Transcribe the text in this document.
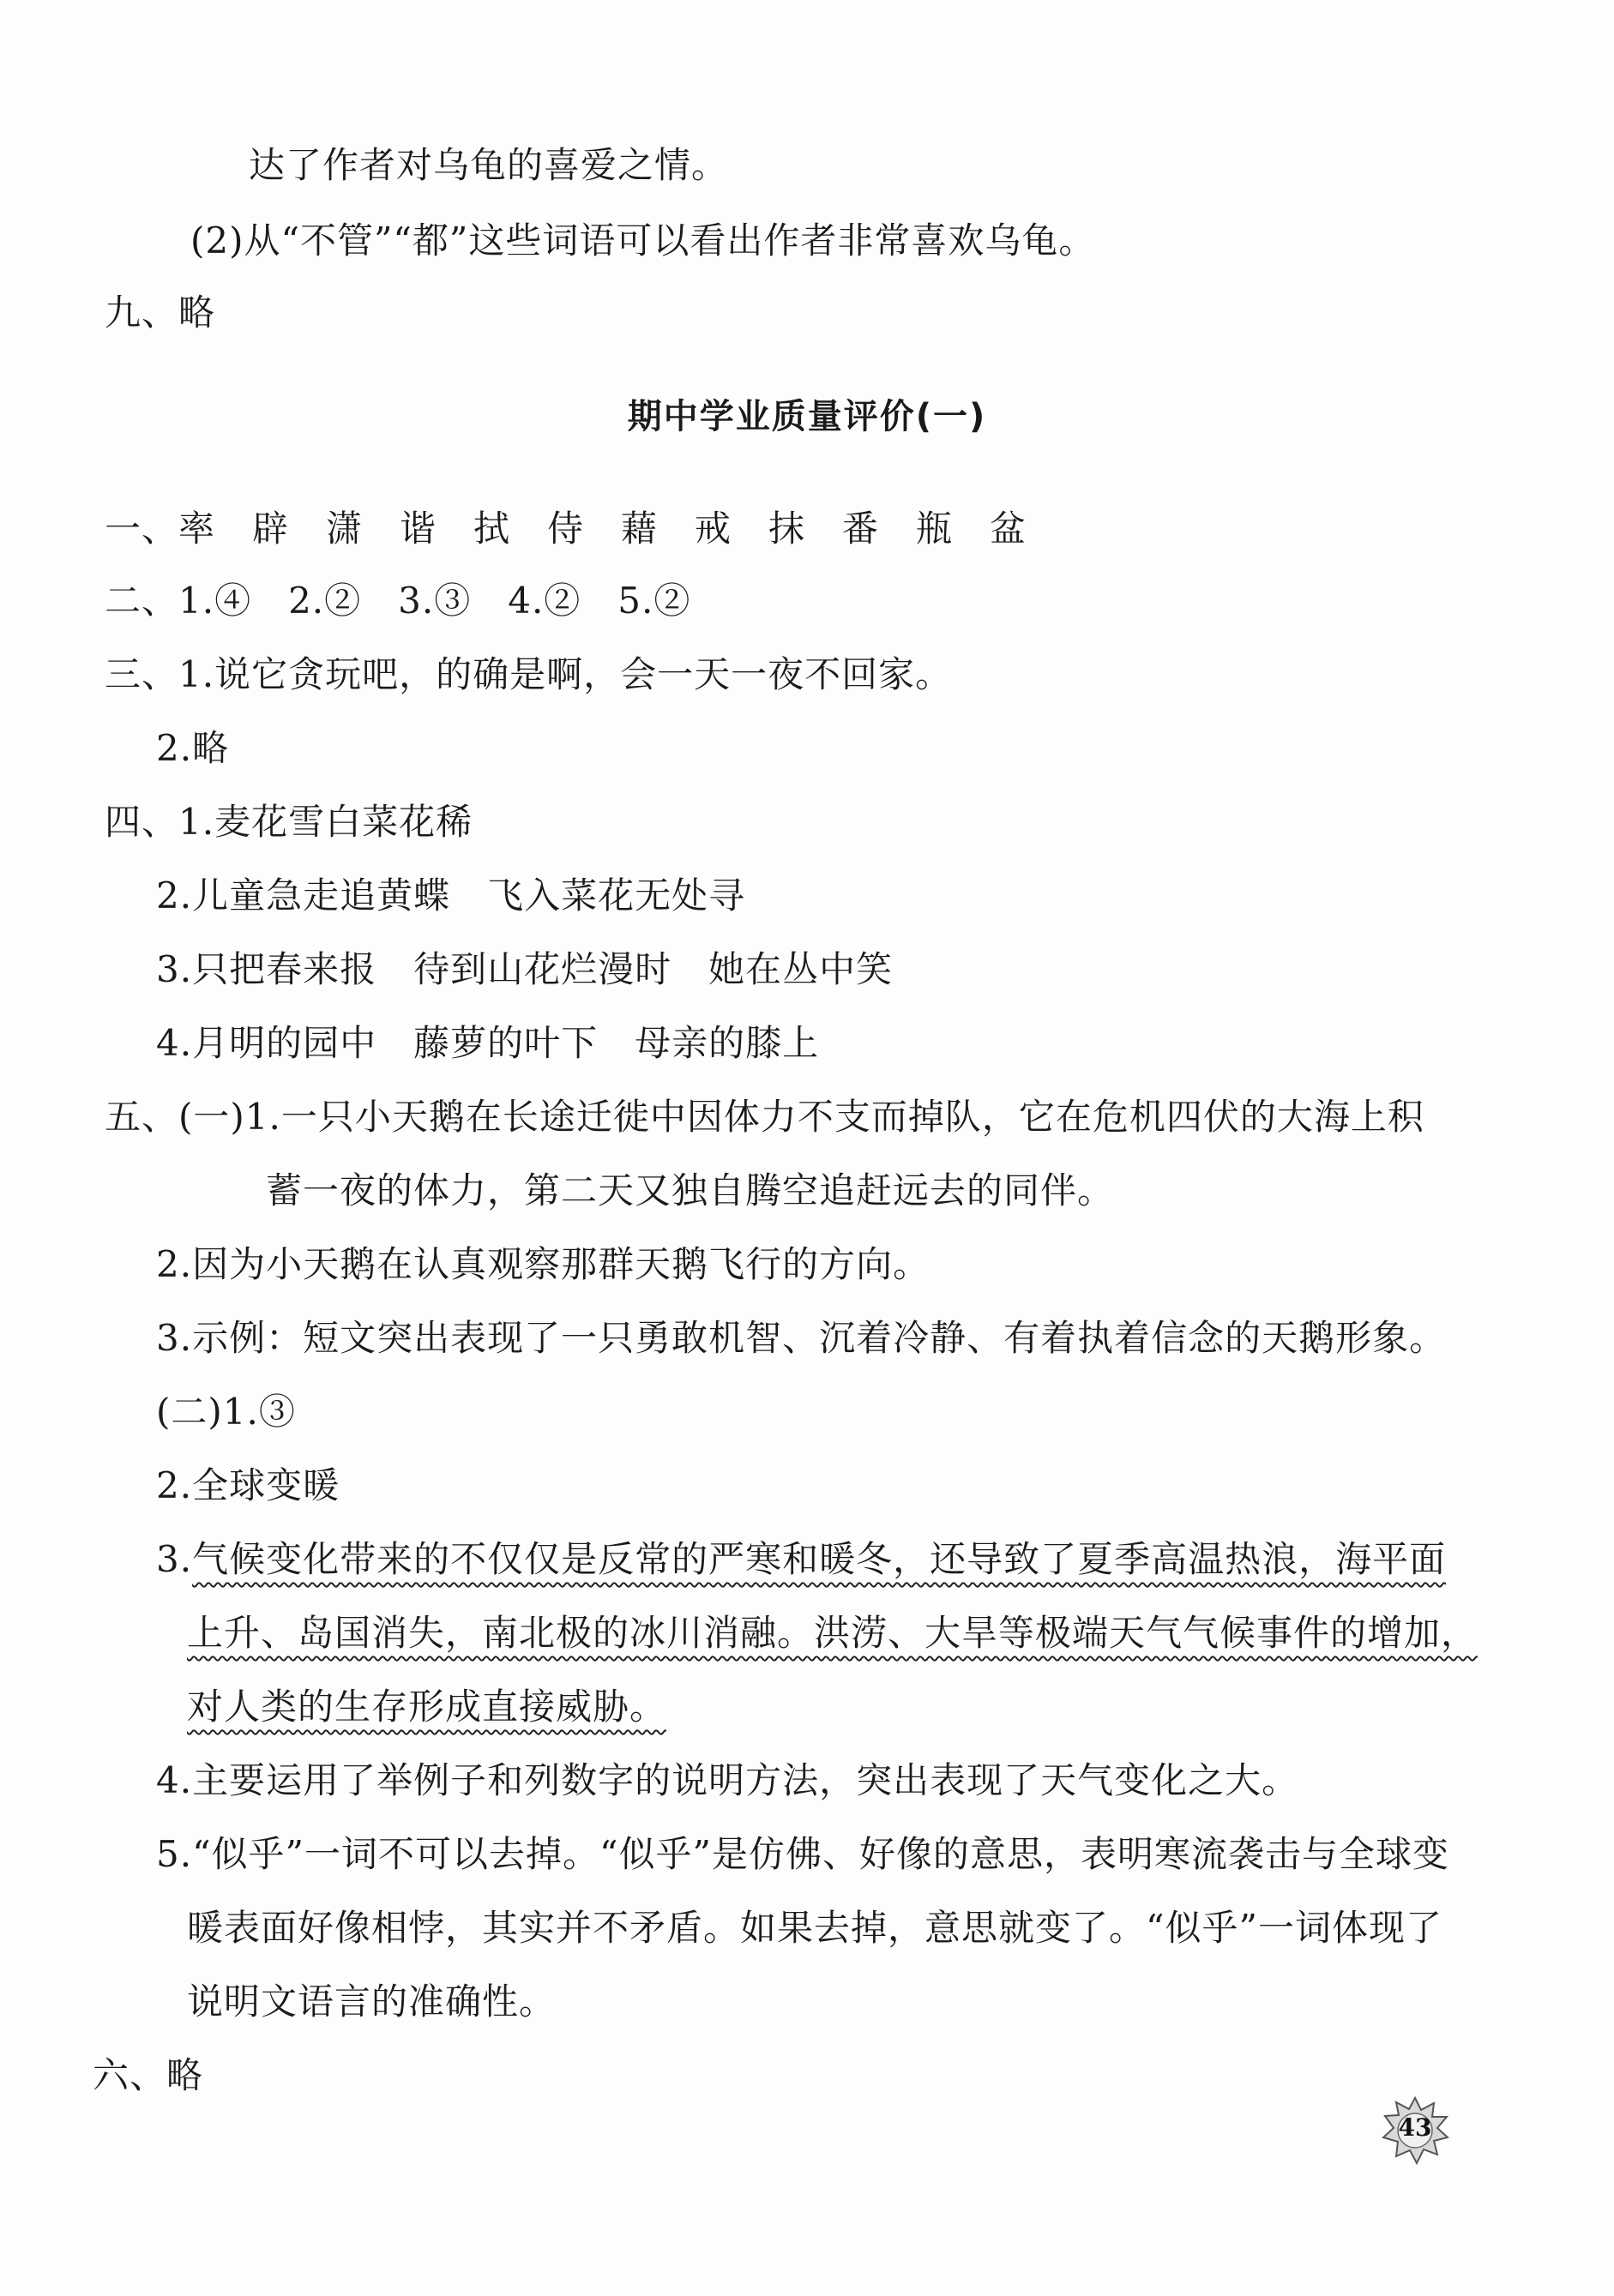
达了作者对乌龟的喜爱之情。
(2)从“不管”“都”这些词语可以看出作者非常喜欢乌龟。
九、略
期中学业质量评价(一)
一、率　辟　潇　谐　拭　侍　藉　戒　抹　番　瓶　盆
二、1.④　2.②　3.③　4.②　5.②
三、1.说它贪玩吧，的确是啊，会一天一夜不回家。
2.略
四、1.麦花雪白菜花稀
2.儿童急走追黄蝶　飞入菜花无处寻
3.只把春来报　待到山花烂漫时　她在丛中笑
4.月明的园中　藤萝的叶下　母亲的膝上
五、(一)1.一只小天鹅在长途迁徙中因体力不支而掉队，它在危机四伏的大海上积
蓄一夜的体力，第二天又独自腾空追赶远去的同伴。
2.因为小天鹅在认真观察那群天鹅飞行的方向。
3.示例：短文突出表现了一只勇敢机智、沉着冷静、有着执着信念的天鹅形象。
(二)1.③
2.全球变暖
3.气候变化带来的不仅仅是反常的严寒和暖冬，还导致了夏季高温热浪，海平面
上升、岛国消失，南北极的冰川消融。洪涝、大旱等极端天气气候事件的增加，
对人类的生存形成直接威胁。
4.主要运用了举例子和列数字的说明方法，突出表现了天气变化之大。
5.“似乎”一词不可以去掉。“似乎”是仿佛、好像的意思，表明寒流袭击与全球变
暖表面好像相悖，其实并不矛盾。如果去掉，意思就变了。“似乎”一词体现了
说明文语言的准确性。
六、略
43
